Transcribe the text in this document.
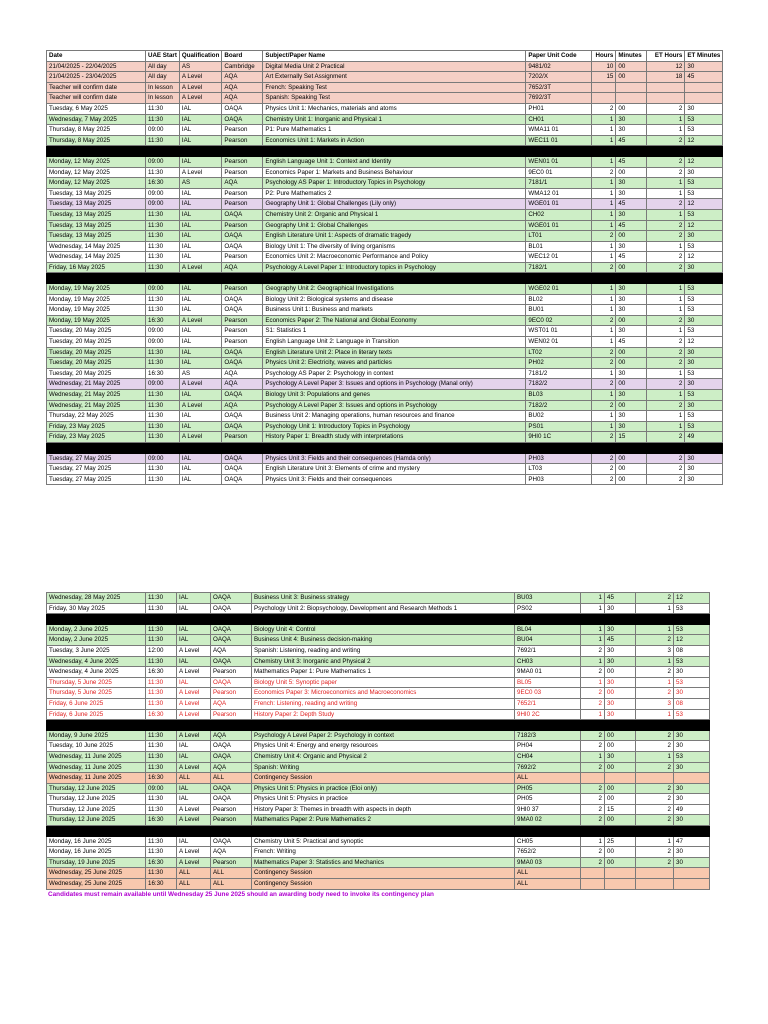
Date	UAE Start	Qualification	Board	Subject/Paper Name	Paper Unit Code	Hours	Minutes	ET Hours	ET Minutes
21/04/2025 - 22/04/2025	All day	AS	Cambridge	Digital Media Unit 2 Practical	9481/02	10	00	12	30
21/04/2025 - 23/04/2025	All day	A Level	AQA	Art Externally Set Assignment	7202/X	15	00	18	45
Teacher will confirm date	In lesson	A Level	AQA	French: Speaking Test	7652/3T				
Teacher will confirm date	In lesson	A Level	AQA	Spanish: Speaking Test	7692/3T				
Tuesday, 6 May 2025	11:30	IAL	OAQA	Physics Unit 1: Mechanics, materials and atoms	PH01	2	00	2	30
Wednesday, 7 May 2025	11:30	IAL	OAQA	Chemistry Unit 1: Inorganic and Physical 1	CH01	1	30	1	53
Thursday, 8 May 2025	09:00	IAL	Pearson	P1: Pure Mathematics 1	WMA11 01	1	30	1	53
Thursday, 8 May 2025	11:30	IAL	Pearson	Economics Unit 1: Markets in Action	WEC11 01	1	45	2	12

Monday, 12 May 2025	09:00	IAL	Pearson	English Language Unit 1: Context and Identity	WEN01 01	1	45	2	12
Monday, 12 May 2025	11:30	A Level	Pearson	Economics Paper 1: Markets and Business Behaviour	9EC0 01	2	00	2	30
Monday, 12 May 2025	16:30	AS	AQA	Psychology AS Paper 1: Introductory Topics in Psychology	7181/1	1	30	1	53
Tuesday, 13 May 2025	09:00	IAL	Pearson	P2: Pure Mathematics 2	WMA12 01	1	30	1	53
Tuesday, 13 May 2025	09:00	IAL	Pearson	Geography Unit 1: Global Challenges (Lily only)	WGE01 01	1	45	2	12
Tuesday, 13 May 2025	11:30	IAL	OAQA	Chemistry Unit 2: Organic and Physical 1	CH02	1	30	1	53
Tuesday, 13 May 2025	11:30	IAL	Pearson	Geography Unit 1: Global Challenges	WGE01 01	1	45	2	12
Tuesday, 13 May 2025	11:30	IAL	OAQA	English Literature Unit 1: Aspects of dramatic tragedy	LT01	2	00	2	30
Wednesday, 14 May 2025	11:30	IAL	OAQA	Biology Unit 1: The diversity of living organisms	BL01	1	30	1	53
Wednesday, 14 May 2025	11:30	IAL	Pearson	Economics Unit 2: Macroeconomic Performance and Policy	WEC12 01	1	45	2	12
Friday, 16 May 2025	11:30	A Level	AQA	Psychology A Level Paper 1: Introductory topics in Psychology	7182/1	2	00	2	30

Monday, 19 May 2025	09:00	IAL	Pearson	Geography Unit 2: Geographical Investigations	WGE02 01	1	30	1	53
Monday, 19 May 2025	11:30	IAL	OAQA	Biology Unit 2: Biological systems and disease	BL02	1	30	1	53
Monday, 19 May 2025	11:30	IAL	OAQA	Business Unit 1: Business and markets	BU01	1	30	1	53
Monday, 19 May 2025	16:30	A Level	Pearson	Economics Paper 2: The National and Global Economy	9EC0 02	2	00	2	30
Tuesday, 20 May 2025	09:00	IAL	Pearson	S1: Statistics 1	WST01 01	1	30	1	53
Tuesday, 20 May 2025	09:00	IAL	Pearson	English Language Unit 2: Language in Transition	WEN02 01	1	45	2	12
Tuesday, 20 May 2025	11:30	IAL	OAQA	English Literature Unit 2: Place in literary texts	LT02	2	00	2	30
Tuesday, 20 May 2025	11:30	IAL	OAQA	Physics Unit 2: Electricity, waves and particles	PH02	2	00	2	30
Tuesday, 20 May 2025	16:30	AS	AQA	Psychology AS Paper 2: Psychology in context	7181/2	1	30	1	53
Wednesday, 21 May 2025	09:00	A Level	AQA	Psychology A Level Paper 3: Issues and options in Psychology (Manal only)	7182/2	2	00	2	30
Wednesday, 21 May 2025	11:30	IAL	OAQA	Biology Unit 3: Populations and genes	BL03	1	30	1	53
Wednesday, 21 May 2025	11:30	A Level	AQA	Psychology A Level Paper 3: Issues and options in Psychology	7182/2	2	00	2	30
Thursday, 22 May 2025	11:30	IAL	OAQA	Business Unit 2: Managing operations, human resources and finance	BU02	1	30	1	53
Friday, 23 May 2025	11:30	IAL	OAQA	Psychology Unit 1: Introductory Topics in Psychology	PS01	1	30	1	53
Friday, 23 May 2025	11:30	A Level	Pearson	History Paper 1: Breadth study with interpretations	9HI0 1C	2	15	2	49

Tuesday, 27 May 2025	09:00	IAL	OAQA	Physics Unit 3: Fields and their consequences (Hamda only)	PH03	2	00	2	30
Tuesday, 27 May 2025	11:30	IAL	OAQA	English Literature Unit 3: Elements of crime and mystery	LT03	2	00	2	30
Tuesday, 27 May 2025	11:30	IAL	OAQA	Physics Unit 3: Fields and their consequences	PH03	2	00	2	30
Wednesday, 28 May 2025	11:30	IAL	OAQA	Business Unit 3: Business strategy	BU03	1	45	2	12
Friday, 30 May 2025	11:30	IAL	OAQA	Psychology Unit 2: Biopsychology, Development and Research Methods 1	PS02	1	30	1	53

Monday, 2 June 2025	11:30	IAL	OAQA	Biology Unit 4: Control	BL04	1	30	1	53
Monday, 2 June 2025	11:30	IAL	OAQA	Business Unit 4: Business decision-making	BU04	1	45	2	12
Tuesday, 3 June 2025	12:00	A Level	AQA	Spanish: Listening, reading and writing	7692/1	2	30	3	08
Wednesday, 4 June 2025	11:30	IAL	OAQA	Chemistry Unit 3: Inorganic and Physical 2	CH03	1	30	1	53
Wednesday, 4 June 2025	16:30	A Level	Pearson	Mathematics Paper 1: Pure Mathematics 1	9MA0 01	2	00	2	30
Thursday, 5 June 2025	11:30	IAL	OAQA	Biology Unit 5: Synoptic paper	BL05	1	30	1	53
Thursday, 5 June 2025	11:30	A Level	Pearson	Economics Paper 3: Microeconomics and Macroeconomics	9EC0 03	2	00	2	30
Friday, 6 June 2025	11:30	A Level	AQA	French: Listening, reading and writing	7652/1	2	30	3	08
Friday, 6 June 2025	16:30	A Level	Pearson	History Paper 2: Depth Study	9HI0 2C	1	30	1	53

Monday, 9 June 2025	11:30	A Level	AQA	Psychology A Level Paper 2: Psychology in context	7182/3	2	00	2	30
Tuesday, 10 June 2025	11:30	IAL	OAQA	Physics Unit 4: Energy and energy resources	PH04	2	00	2	30
Wednesday, 11 June 2025	11:30	IAL	OAQA	Chemistry Unit 4: Organic and Physical 2	CH04	1	30	1	53
Wednesday, 11 June 2025	11:30	A Level	AQA	Spanish: Writing	7692/2	2	00	2	30
Wednesday, 11 June 2025	16:30	ALL	ALL	Contingency Session	ALL				
Thursday, 12 June 2025	09:00	IAL	OAQA	Physics Unit 5: Physics in practice (Eloi only)	PH05	2	00	2	30
Thursday, 12 June 2025	11:30	IAL	OAQA	Physics Unit 5: Physics in practice	PH05	2	00	2	30
Thursday, 12 June 2025	11:30	A Level	Pearson	History Paper 3: Themes in breadth with aspects in depth	9HI0 37	2	15	2	49
Thursday, 12 June 2025	16:30	A Level	Pearson	Mathematics Paper 2: Pure Mathematics 2	9MA0 02	2	00	2	30

Monday, 16 June 2025	11:30	IAL	OAQA	Chemistry Unit 5: Practical and synoptic	CH05	1	25	1	47
Monday, 16 June 2025	11:30	A Level	AQA	French: Writing	7652/2	2	00	2	30
Thursday, 19 June 2025	16:30	A Level	Pearson	Mathematics Paper 3: Statistics and Mechanics	9MA0 03	2	00	2	30
Wednesday, 25 June 2025	11:30	ALL	ALL	Contingency Session	ALL				
Wednesday, 25 June 2025	16:30	ALL	ALL	Contingency Session	ALL				
Candidates must remain available until Wednesday 25 June 2025 should an awarding body need to invoke its contingency plan
